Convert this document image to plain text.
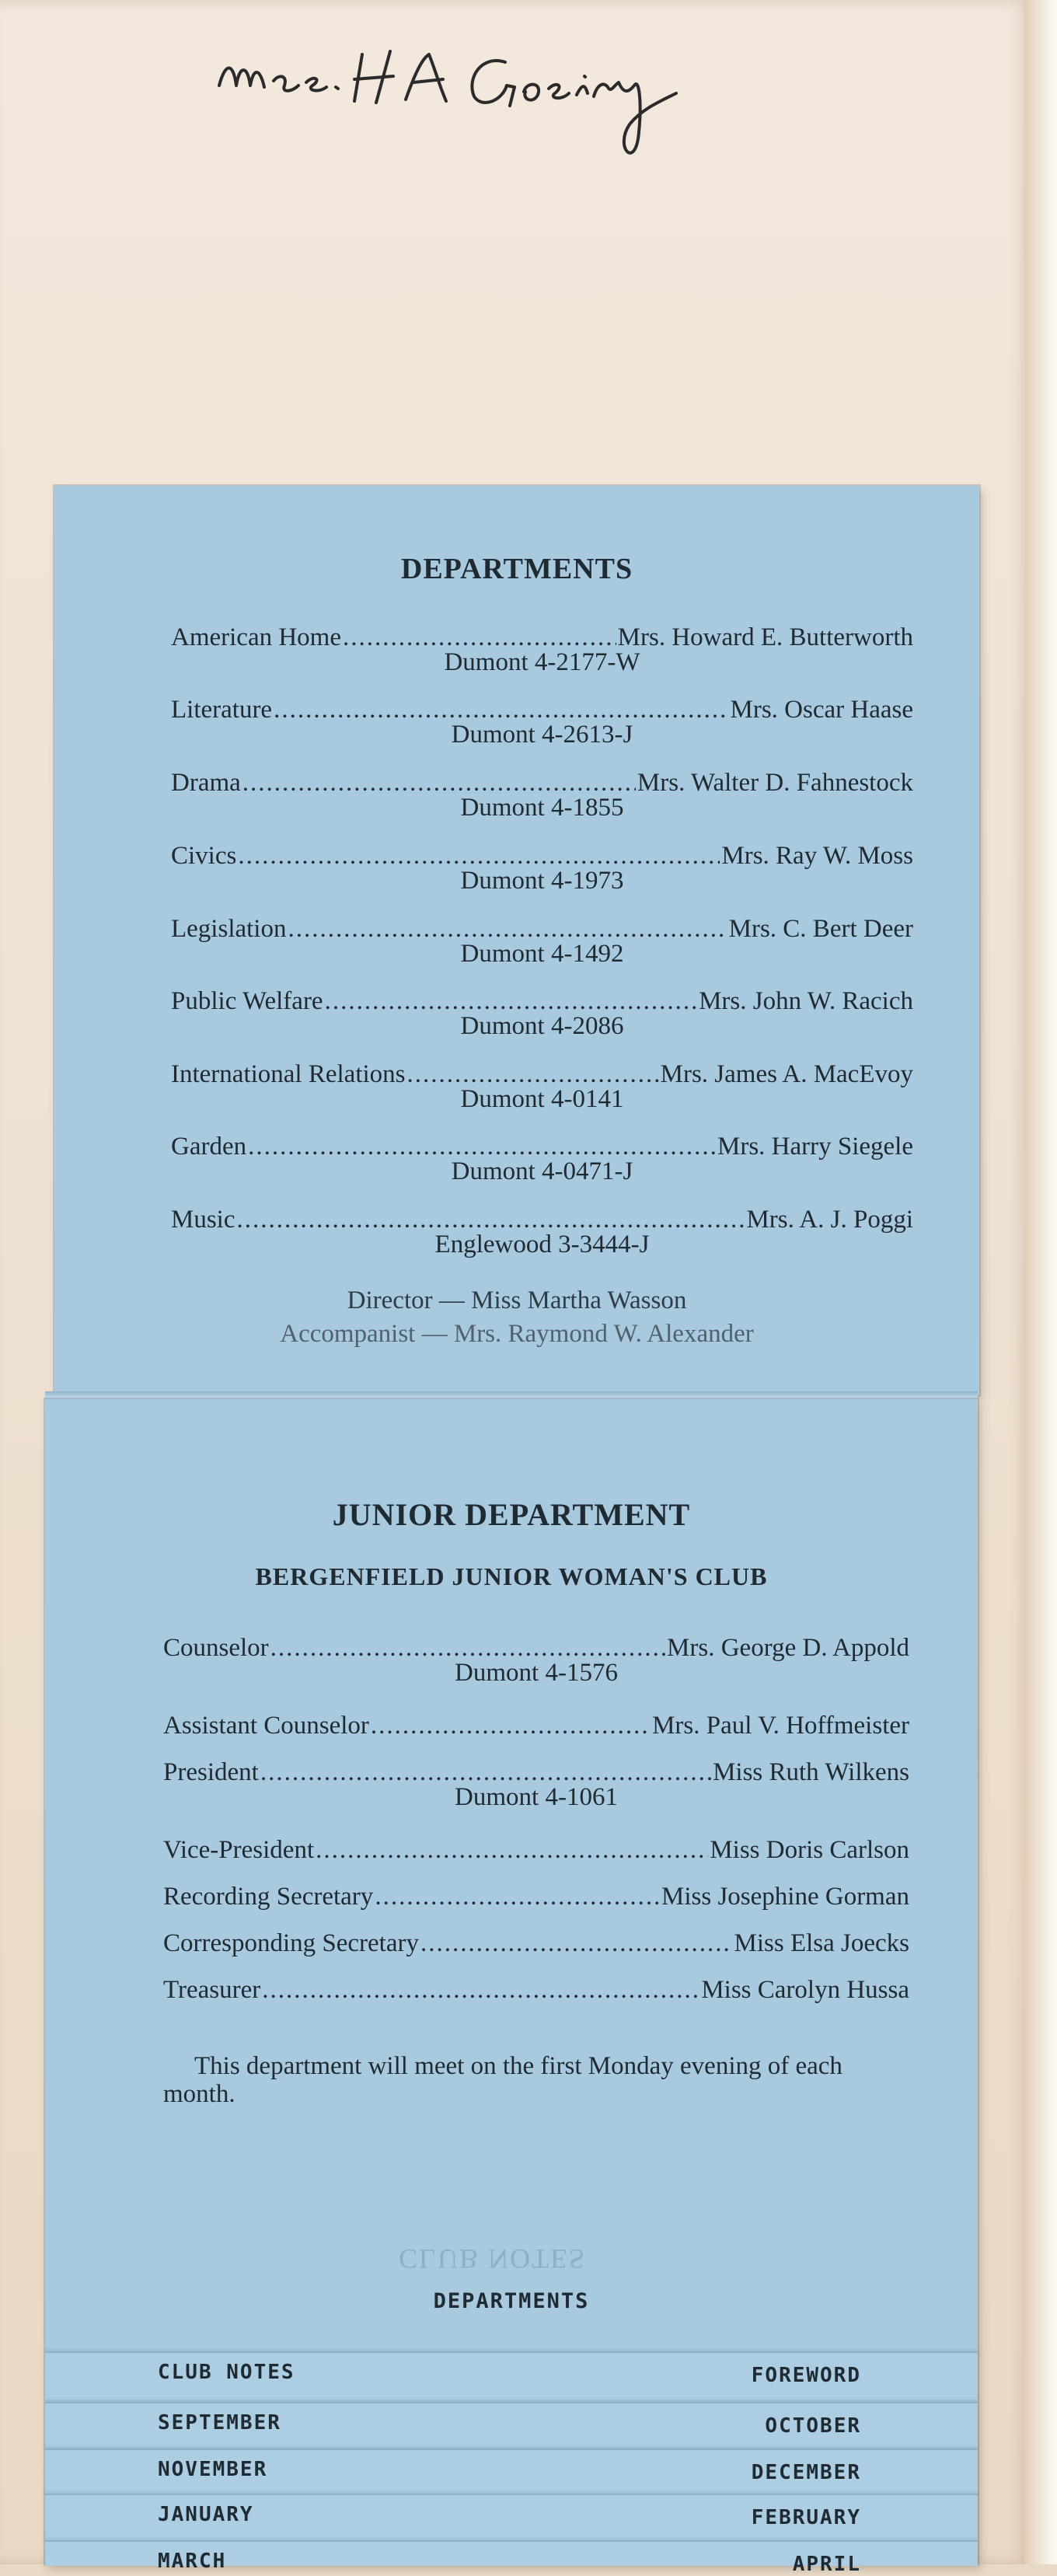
DEPARTMENTS
American Home .....	Mrs. Howard E. Butterworth
Dumont 4-2177-W
Literature .....	Mrs. Oscar Haase
Dumont 4-2613-J
Drama .....	Mrs. Walter D. Fahnestock
Dumont 4-1855
Civics .....	Mrs. Ray W. Moss
Dumont 4-1973
Legislation .....	Mrs. C. Bert Deer
Dumont 4-1492
Public Welfare .....	Mrs. John W. Racich
Dumont 4-2086
International Relations .....	Mrs. James A. MacEvoy
Dumont 4-0141
Garden .....	Mrs. Harry Siegele
Dumont 4-0471-J
Music .....	Mrs. A. J. Poggi
Englewood 3-3444-J
Director — Miss Martha Wasson
Accompanist — Mrs. Raymond W. Alexander
JUNIOR DEPARTMENT
BERGENFIELD JUNIOR WOMAN'S CLUB
Counselor .....	Mrs. George D. Appold
Dumont 4-1576
Assistant Counselor .....	Mrs. Paul V. Hoffmeister
President .....	Miss Ruth Wilkens
Dumont 4-1061
Vice-President .....	Miss Doris Carlson
Recording Secretary .....	Miss Josephine Gorman
Corresponding Secretary .....	Miss Elsa Joecks
Treasurer .....	Miss Carolyn Hussa
This department will meet on the first Monday evening of each month.
CLUB NOTES
DEPARTMENTS
CLUB NOTES	FOREWORD
SEPTEMBER	OCTOBER
NOVEMBER	DECEMBER
JANUARY	FEBRUARY
MARCH	APRIL
